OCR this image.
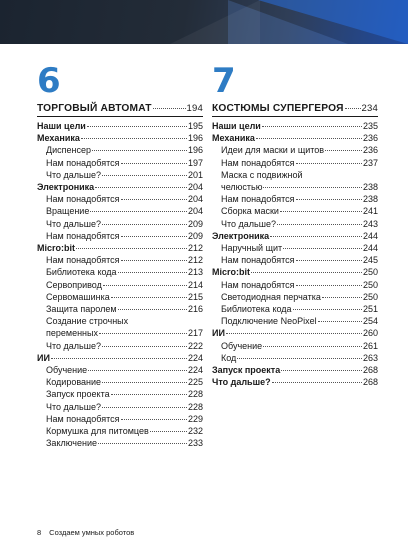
6
ТОРГОВЫЙ АВТОМАТ	194
Наши цели	195
Механика	196
Диспенсер	196
Нам понадобятся	197
Что дальше?	201
Электроника	204
Нам понадобятся	204
Вращение	204
Что дальше?	209
Нам понадобятся	209
Micro:bit	212
Нам понадобятся	212
Библиотека кода	213
Сервопривод	214
Сервомашинка	215
Защита паролем	216
Создание строчных
переменных	217
Что дальше?	222
ИИ	224
Обучение	224
Кодирование	225
Запуск проекта	228
Что дальше?	228
Нам понадобятся	229
Кормушка для питомцев	232
Заключение	233
7
КОСТЮМЫ СУПЕРГЕРОЯ 234
Наши цели	235
Механика	236
Идеи для маски и щитов	236
Нам понадобятся	237
Маска с подвижной
челюстью	238
Нам понадобятся	238
Сборка маски	241
Что дальше?	243
Электроника	244
Наручный щит	244
Нам понадобятся	245
Micro:bit	250
Нам понадобятся	250
Светодиодная перчатка	250
Библиотека кода	251
Подключение NeoPixel	254
ИИ	260
Обучение	261
Код	263
Запуск проекта	268
Что дальше?	268
8 Создаем умных роботов
